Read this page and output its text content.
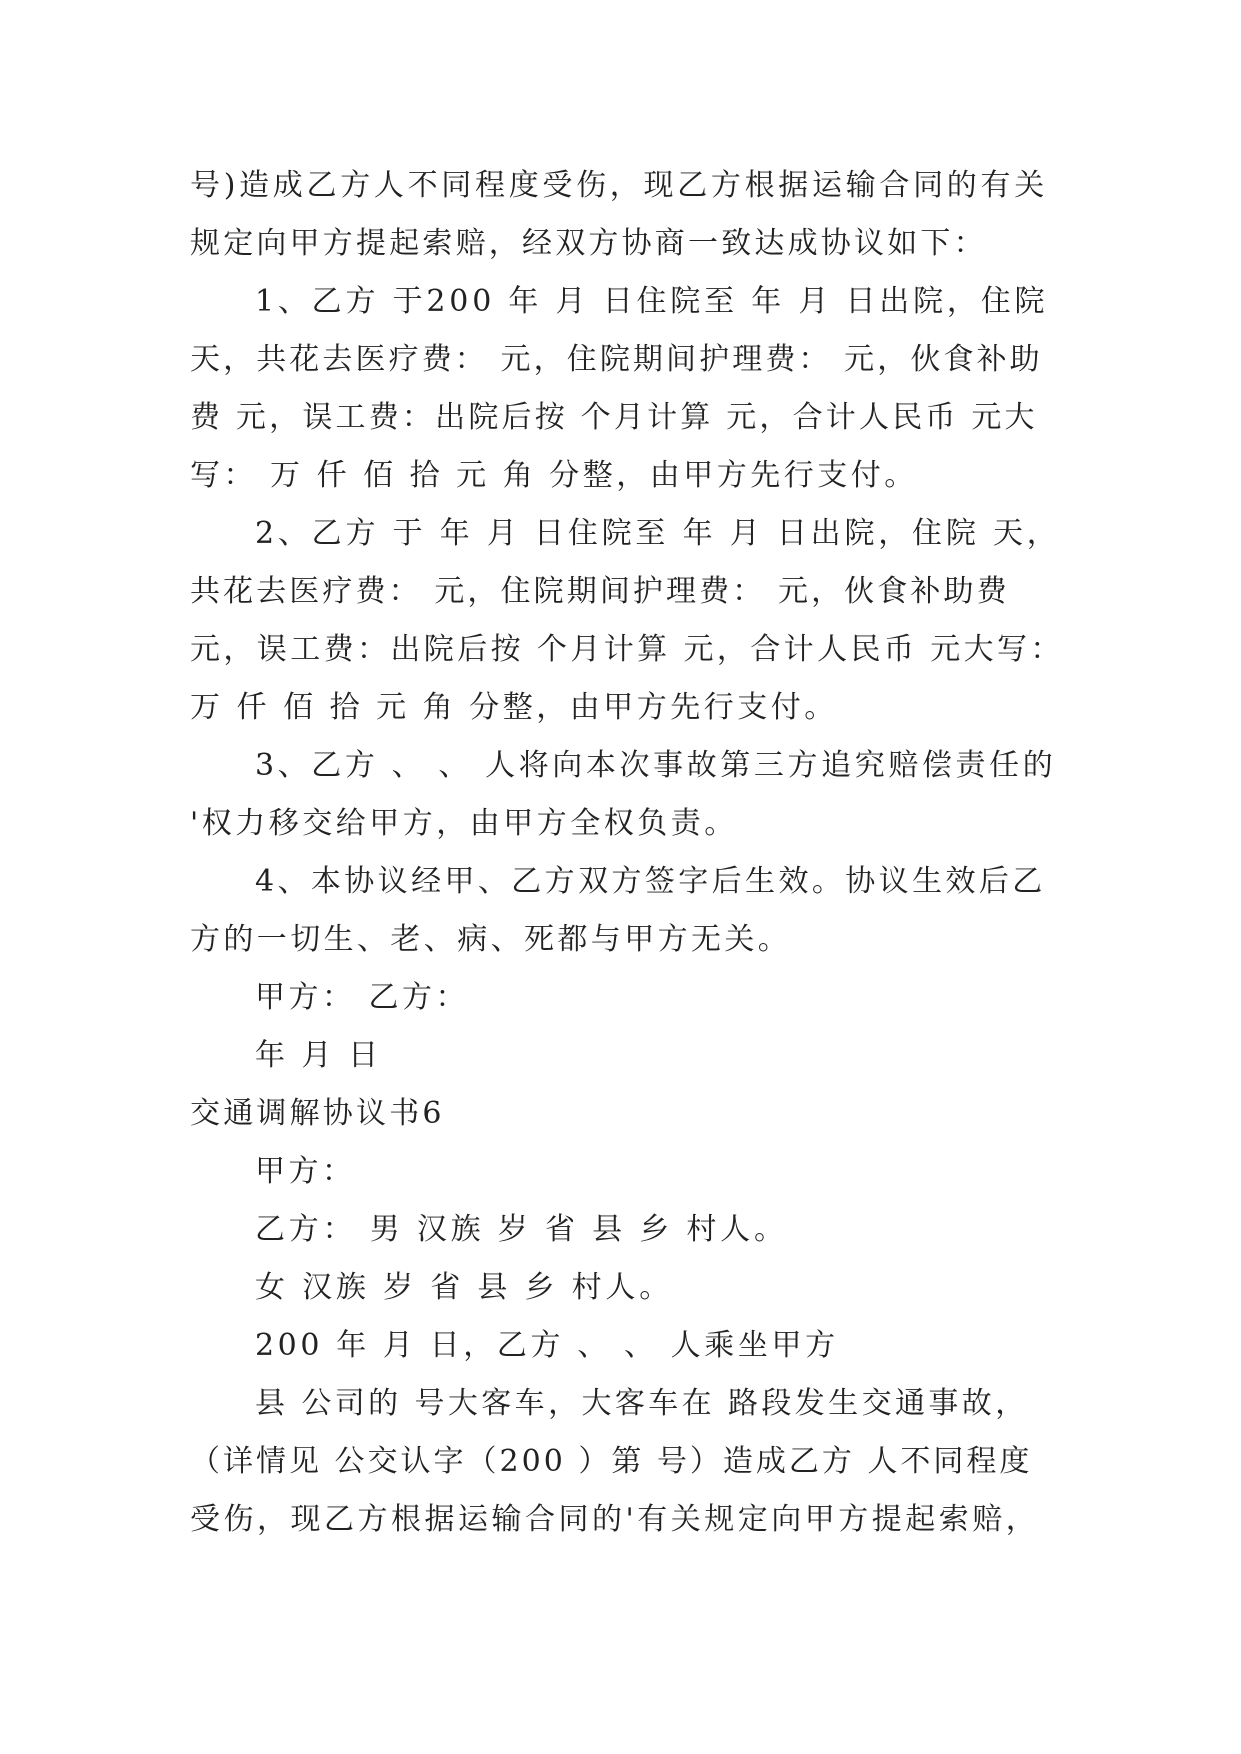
号)造成乙方人不同程度受伤，现乙方根据运输合同的有关

规定向甲方提起索赔，经双方协商一致达成协议如下：

1、乙方 于200 年 月 日住院至 年 月 日出院，住院

天，共花去医疗费： 元，住院期间护理费： 元，伙食补助

费 元，误工费：出院后按 个月计算 元，合计人民币 元大

写： 万 仟 佰 拾 元 角 分整，由甲方先行支付。

2、乙方 于 年 月 日住院至 年 月 日出院，住院 天，

共花去医疗费： 元，住院期间护理费： 元，伙食补助费

元，误工费：出院后按 个月计算 元，合计人民币 元大写：

万 仟 佰 拾 元 角 分整，由甲方先行支付。

3、乙方 、 、 人将向本次事故第三方追究赔偿责任的

'权力移交给甲方，由甲方全权负责。

4、本协议经甲、乙方双方签字后生效。协议生效后乙

方的一切生、老、病、死都与甲方无关。

甲方： 乙方：

年 月 日

交通调解协议书6

甲方：

乙方： 男 汉族 岁 省 县 乡 村人。

女 汉族 岁 省 县 乡 村人。

200 年 月 日，乙方 、 、 人乘坐甲方

县 公司的 号大客车，大客车在 路段发生交通事故，

（详情见 公交认字（200 ）第 号）造成乙方 人不同程度

受伤，现乙方根据运输合同的'有关规定向甲方提起索赔，
